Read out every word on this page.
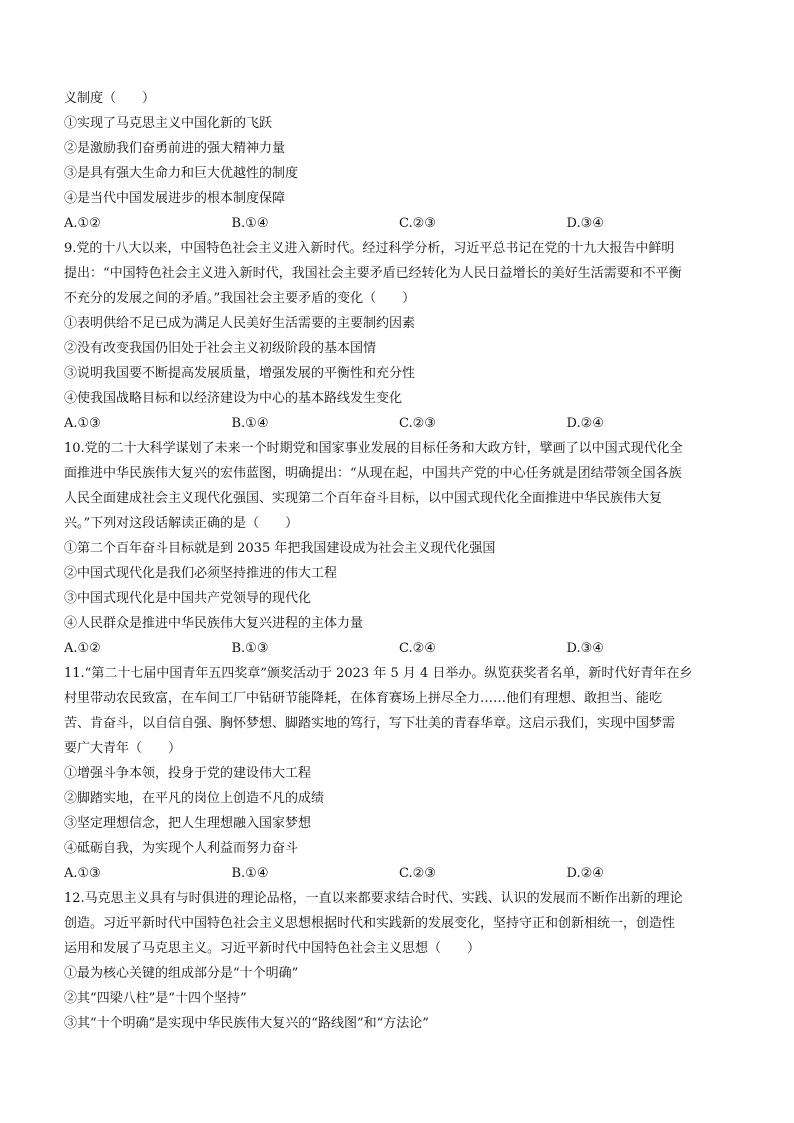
义制度（　　）
①实现了马克思主义中国化新的飞跃
②是激励我们奋勇前进的强大精神力量
③是具有强大生命力和巨大优越性的制度
④是当代中国发展进步的根本制度保障
A.①②	B.①④	C.②③	D.③④
9.党的十八大以来，中国特色社会主义进入新时代。经过科学分析，习近平总书记在党的十九大报告中鲜明
提出：“中国特色社会主义进入新时代，我国社会主要矛盾已经转化为人民日益增长的美好生活需要和不平衡
不充分的发展之间的矛盾。”我国社会主要矛盾的变化（　　）
①表明供给不足已成为满足人民美好生活需要的主要制约因素
②没有改变我国仍旧处于社会主义初级阶段的基本国情
③说明我国要不断提高发展质量，增强发展的平衡性和充分性
④使我国战略目标和以经济建设为中心的基本路线发生变化
A.①③	B.①④	C.②③	D.②④
10.党的二十大科学谋划了未来一个时期党和国家事业发展的目标任务和大政方针，擘画了以中国式现代化全
面推进中华民族伟大复兴的宏伟蓝图，明确提出：“从现在起，中国共产党的中心任务就是团结带领全国各族
人民全面建成社会主义现代化强国、实现第二个百年奋斗目标，以中国式现代化全面推进中华民族伟大复
兴。”下列对这段话解读正确的是（　　）
①第二个百年奋斗目标就是到 2035 年把我国建设成为社会主义现代化强国
②中国式现代化是我们必须坚持推进的伟大工程
③中国式现代化是中国共产党领导的现代化
④人民群众是推进中华民族伟大复兴进程的主体力量
A.①②	B.①③	C.②④	D.③④
11.“第二十七届中国青年五四奖章”颁奖活动于 2023 年 5 月 4 日举办。纵览获奖者名单，新时代好青年在乡
村里带动农民致富，在车间工厂中钻研节能降耗，在体育赛场上拼尽全力……他们有理想、敢担当、能吃
苦、肯奋斗，以自信自强、胸怀梦想、脚踏实地的笃行，写下壮美的青春华章。这启示我们，实现中国梦需
要广大青年（　　）
①增强斗争本领，投身于党的建设伟大工程
②脚踏实地，在平凡的岗位上创造不凡的成绩
③坚定理想信念，把人生理想融入国家梦想
④砥砺自我，为实现个人利益而努力奋斗
A.①③	B.①④	C.②③	D.②④
12.马克思主义具有与时俱进的理论品格，一直以来都要求结合时代、实践、认识的发展而不断作出新的理论
创造。习近平新时代中国特色社会主义思想根据时代和实践新的发展变化，坚持守正和创新相统一，创造性
运用和发展了马克思主义。习近平新时代中国特色社会主义思想（　　）
①最为核心关键的组成部分是“十个明确”
②其“四梁八柱”是“十四个坚持”
③其“十个明确”是实现中华民族伟大复兴的“路线图”和“方法论”
